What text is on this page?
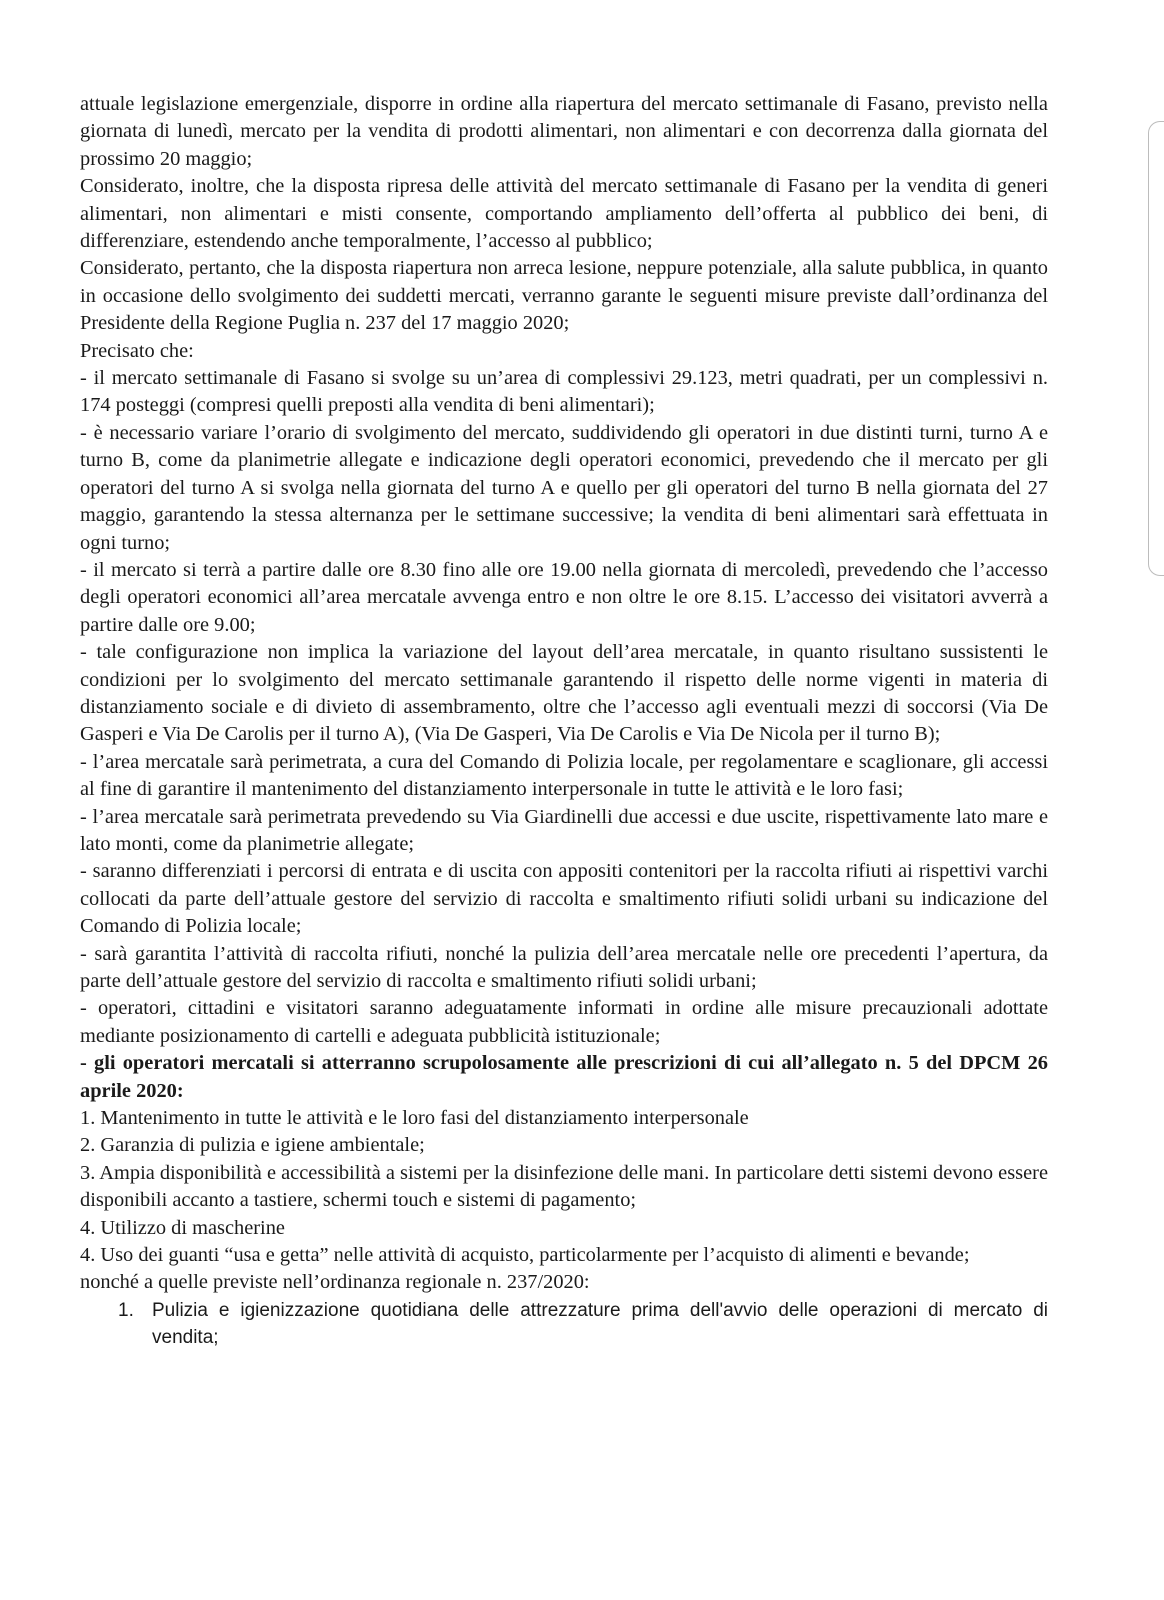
attuale legislazione emergenziale, disporre in ordine alla riapertura del mercato settimanale di Fasano, previsto nella giornata di lunedì, mercato per la vendita di prodotti alimentari, non alimentari e con decorrenza dalla giornata del prossimo 20 maggio;

Considerato, inoltre, che la disposta ripresa delle attività del mercato settimanale di Fasano per la vendita di generi alimentari, non alimentari e misti consente, comportando ampliamento dell’offerta al pubblico dei beni, di differenziare, estendendo anche temporalmente, l’accesso al pubblico;

Considerato, pertanto, che la disposta riapertura non arreca lesione, neppure potenziale, alla salute pubblica, in quanto in occasione dello svolgimento dei suddetti mercati, verranno garante le seguenti misure previste dall’ordinanza del Presidente della Regione Puglia n. 237 del 17 maggio 2020;

Precisato che:

- il mercato settimanale di Fasano si svolge su un’area di complessivi 29.123, metri quadrati, per un complessivi n. 174 posteggi (compresi quelli preposti alla vendita di beni alimentari);

- è necessario variare l’orario di svolgimento del mercato, suddividendo gli operatori in due distinti turni, turno A e turno B, come da planimetrie allegate e indicazione degli operatori economici, prevedendo che il mercato per gli operatori del turno A si svolga nella giornata del turno A e quello per gli operatori del turno B nella giornata del 27 maggio, garantendo la stessa alternanza per le settimane successive; la vendita di beni alimentari sarà effettuata in ogni turno;

- il mercato si terrà a partire dalle ore 8.30 fino alle ore 19.00 nella giornata di mercoledì, prevedendo che l’accesso degli operatori economici all’area mercatale avvenga entro e non oltre le ore 8.15. L’accesso dei visitatori avverrà a partire dalle ore 9.00;

- tale configurazione non implica la variazione del layout dell’area mercatale, in quanto risultano sussistenti le condizioni per lo svolgimento del mercato settimanale garantendo il rispetto delle norme vigenti in materia di distanziamento sociale e di divieto di assembramento, oltre che l’accesso agli eventuali mezzi di soccorsi (Via De Gasperi e Via De Carolis per il turno A), (Via De Gasperi, Via De Carolis e Via De Nicola per il turno B);

- l’area mercatale sarà perimetrata, a cura del Comando di Polizia locale, per regolamentare e scaglionare, gli accessi al fine di garantire il mantenimento del distanziamento interpersonale in tutte le attività e le loro fasi;

- l’area mercatale sarà perimetrata prevedendo su Via Giardinelli due accessi e due uscite, rispettivamente lato mare e lato monti, come da planimetrie allegate;

- saranno differenziati i percorsi di entrata e di uscita con appositi contenitori per la raccolta rifiuti ai rispettivi varchi collocati da parte dell’attuale gestore del servizio di raccolta e smaltimento rifiuti solidi urbani su indicazione del Comando di Polizia locale;

- sarà garantita l’attività di raccolta rifiuti, nonché la pulizia dell’area mercatale nelle ore precedenti l’apertura, da parte dell’attuale gestore del servizio di raccolta e smaltimento rifiuti solidi urbani;

- operatori, cittadini e visitatori saranno adeguatamente informati in ordine alle misure precauzionali adottate mediante posizionamento di cartelli e adeguata pubblicità istituzionale;

- gli operatori mercatali si atterranno scrupolosamente alle prescrizioni di cui all’allegato n. 5 del DPCM 26 aprile 2020:

1. Mantenimento in tutte le attività e le loro fasi del distanziamento interpersonale

2. Garanzia di pulizia e igiene ambientale;

3. Ampia disponibilità e accessibilità a sistemi per la disinfezione delle mani. In particolare detti sistemi devono essere disponibili accanto a tastiere, schermi touch e sistemi di pagamento;

4. Utilizzo di mascherine

4. Uso dei guanti “usa e getta” nelle attività di acquisto, particolarmente per l’acquisto di alimenti e bevande;

nonché a quelle previste nell’ordinanza regionale n. 237/2020:

1. Pulizia e igienizzazione quotidiana delle attrezzature prima dell'avvio delle operazioni di mercato di vendita;
